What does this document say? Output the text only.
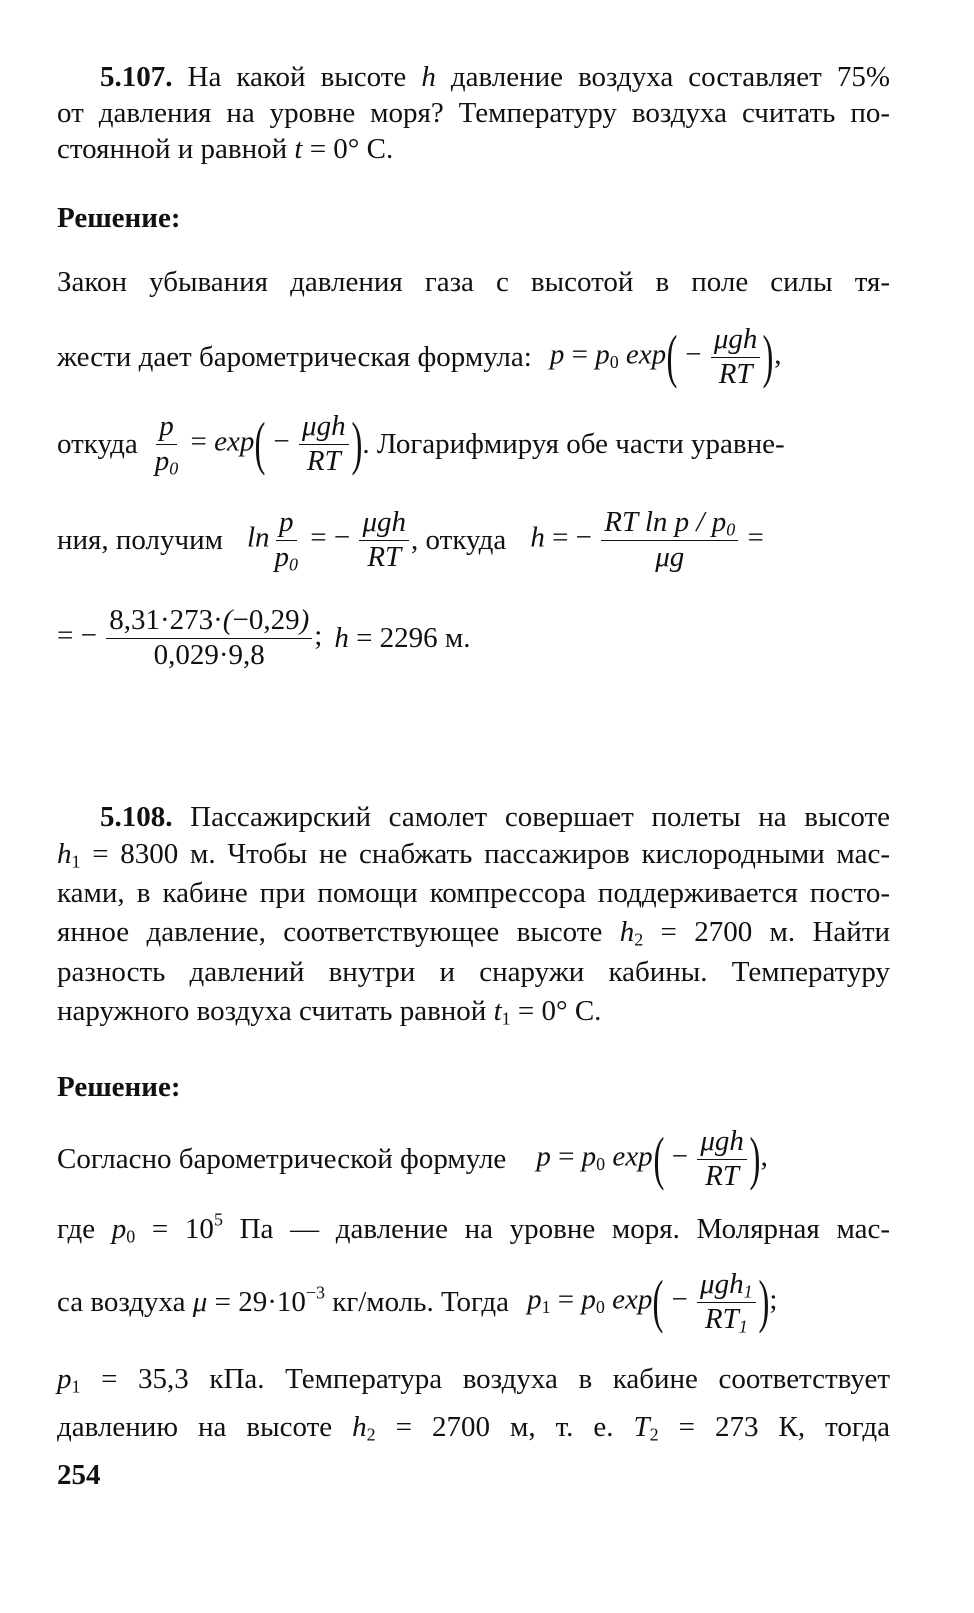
5.107. На какой высоте h давление воздуха составляет 75%
от давления на уровне моря? Температуру воздуха считать по-
стоянной и равной t = 0° C.
Решение:
Закон убывания давления газа с высотой в поле силы тя-
жести дает барометрическая формула: $p = p_0$ $\exp( - \frac{\text{μgh}}{RT}$ ),
откуда $\frac{p}{p_0} = \exp( - \frac{\text{μgh}}{RT}$ ) . Логарифмируя обе части уравне-
ния, получим $\ln \frac{p}{p_0}$ = − $\frac{\text{μgh}}{RT}$ , откуда h = − $\frac{RT \ln p / p_0}{\mu g}$ =
= − $\frac{8,31\cdot 273\cdot(-0,29)}{0,029\cdot 9,8}$ ; h = 2296 м.
5.108. Пассажирский самолет совершает полеты на высоте
$h_1 = 8300$ м. Чтобы не снабжать пассажиров кислородными мас-
ками, в кабине при помощи компрессора поддерживается посто-
янное давление, соответствующее высоте $h_2 = 2700$ м. Найти
разность давлений внутри и снаружи кабины. Температуру
наружного воздуха считать равной $t_1 = 0^\circ$ C.
Решение:
Согласно барометрической формуле $p = p_0$ $\exp( - \frac{\text{μgh}}{RT}$ ),
где $p_0 = 10^5$ Па — давление на уровне моря. Молярная мас-
са воздуха $\mu = 29\cdot 10^{-3}$ кг/моль. Тогда $p_1 = p_0$ $\exp( - \frac{\mu gh_1}{RT_1}$ );
$p_1 = 35,3$ кПа. Температура воздуха в кабине соответствует
давлению на высоте $h_2 = 2700$ м, т. е. $T_2 = 273$ К, тогда
254
